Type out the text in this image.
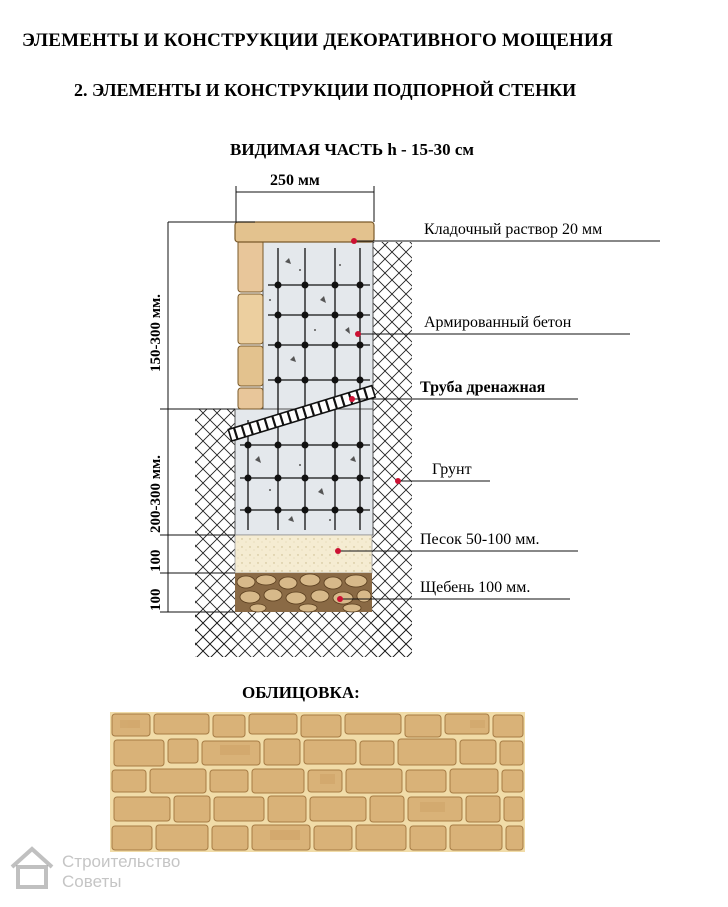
ЭЛЕМЕНТЫ И КОНСТРУКЦИИ ДЕКОРАТИВНОГО МОЩЕНИЯ
2. ЭЛЕМЕНТЫ И КОНСТРУКЦИИ ПОДПОРНОЙ СТЕНКИ
ВИДИМАЯ ЧАСТЬ h - 15-30 см
250 мм
150-300 мм.
200-300 мм.
100
100
Кладочный раствор 20 мм
Армированный бетон
Труба дренажная
Грунт
Песок 50-100 мм.
Щебень 100 мм.
ОБЛИЦОВКА:
Строительство
Советы
